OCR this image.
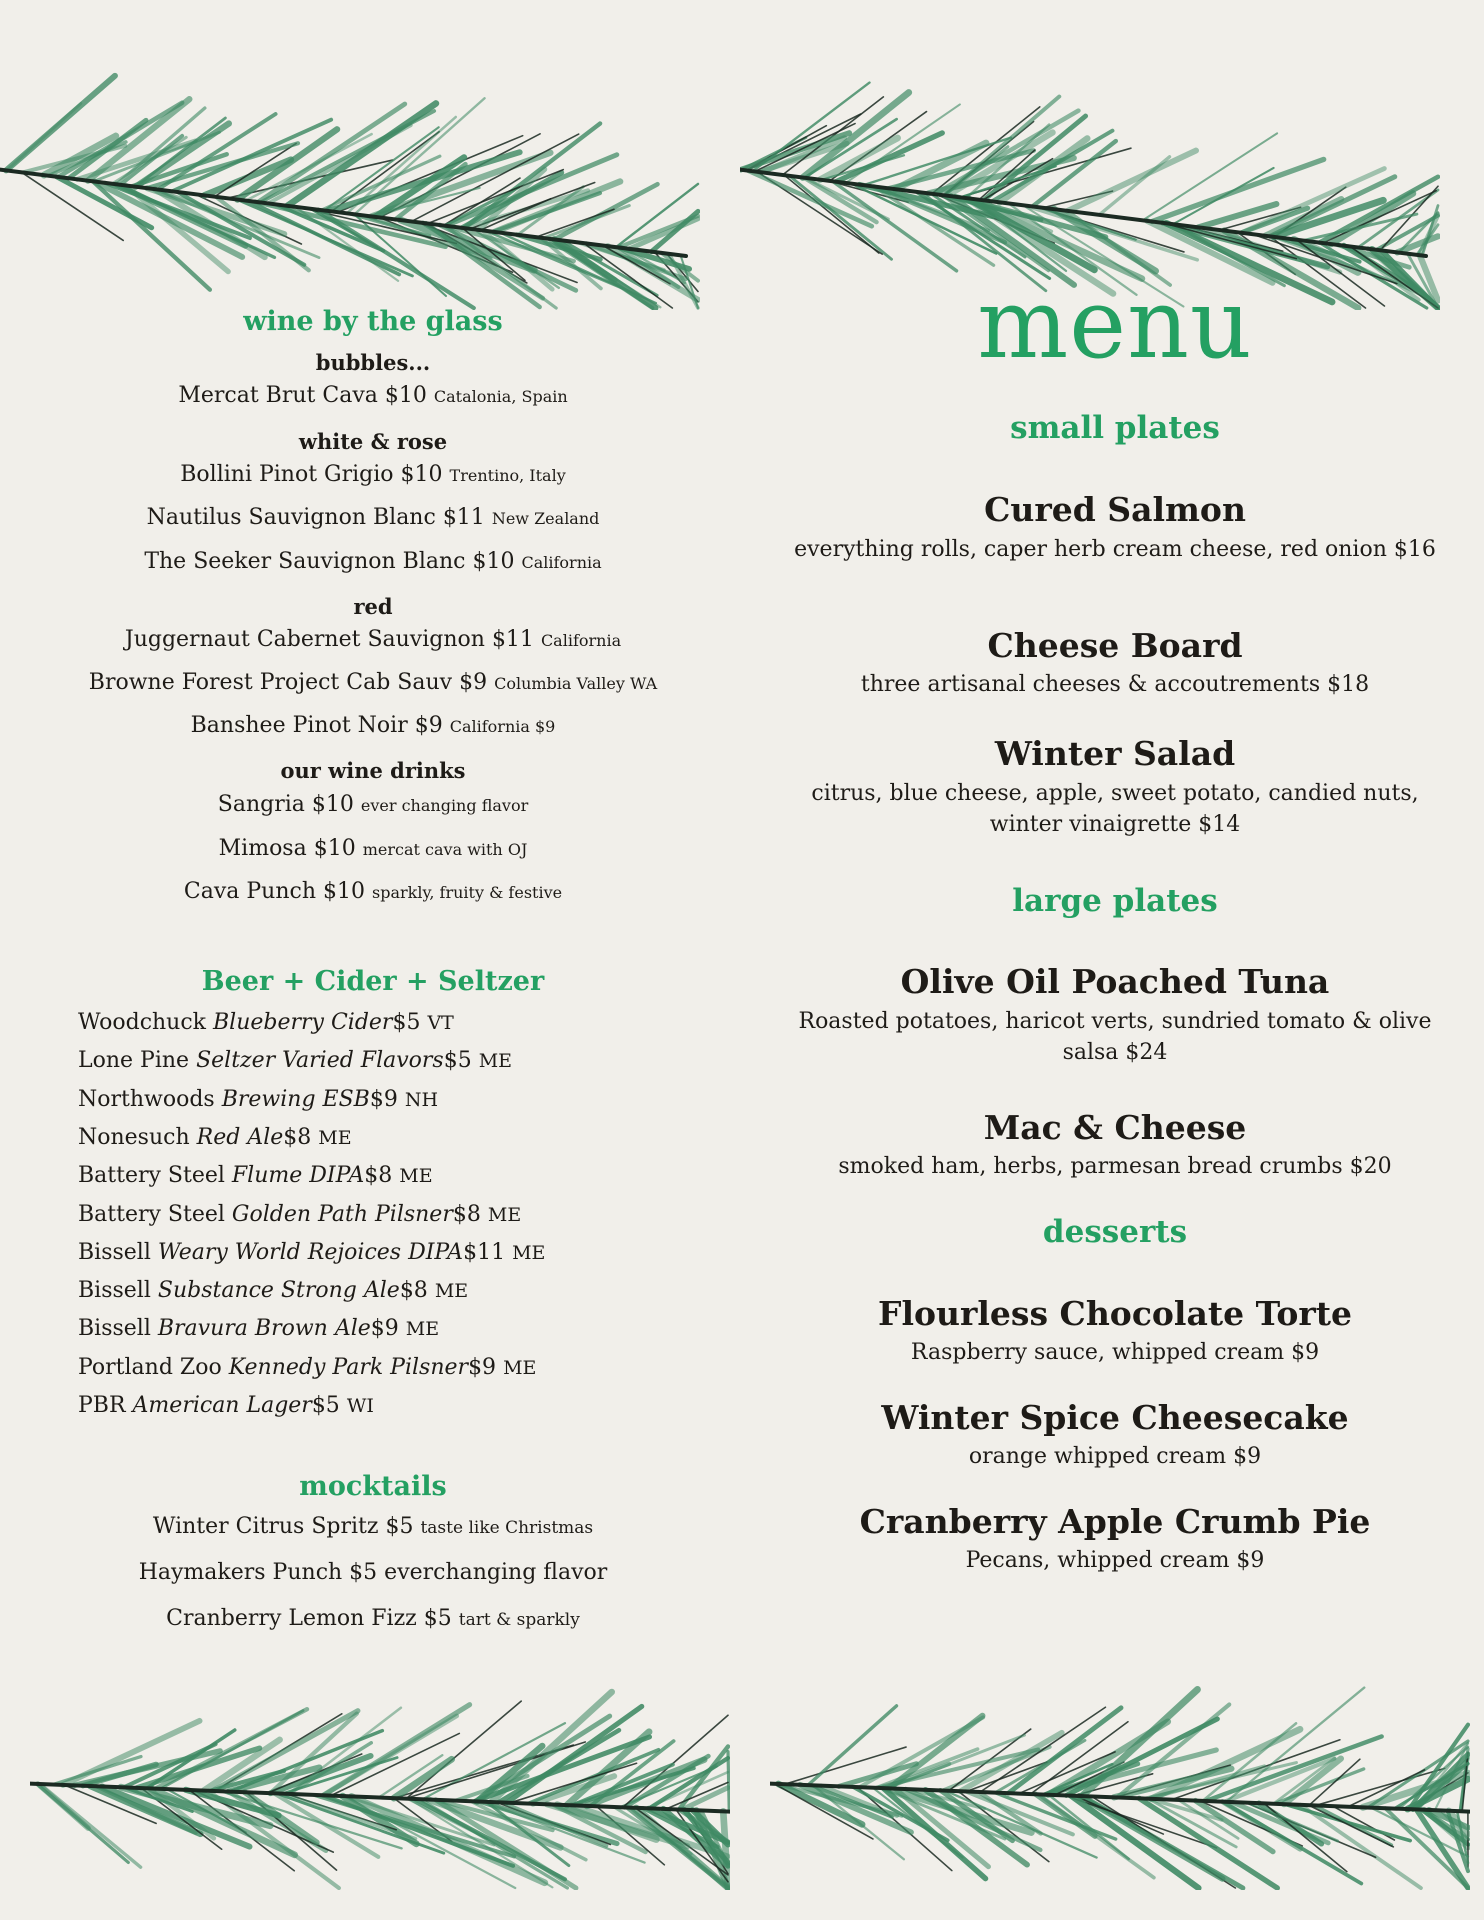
wine by the glass
bubbles...
Mercat Brut Cava $10 Catalonia, Spain
white & rose
Bollini Pinot Grigio $10 Trentino, Italy
Nautilus Sauvignon Blanc $11 New Zealand
The Seeker Sauvignon Blanc $10 California
red
Juggernaut Cabernet Sauvignon $11 California
Browne Forest Project Cab Sauv $9 Columbia Valley WA
Banshee Pinot Noir $9 California $9
our wine drinks
Sangria $10 ever changing flavor
Mimosa $10 mercat cava with OJ
Cava Punch $10 sparkly, fruity & festive
Beer + Cider + Seltzer
Woodchuck Blueberry Cider$5 VT
Lone Pine Seltzer Varied Flavors$5 ME
Northwoods Brewing ESB$9 NH
Nonesuch Red Ale$8 ME
Battery Steel Flume DIPA$8 ME
Battery Steel Golden Path Pilsner$8 ME
Bissell Weary World Rejoices DIPA$11 ME
Bissell Substance Strong Ale$8 ME
Bissell Bravura Brown Ale$9 ME
Portland Zoo Kennedy Park Pilsner$9 ME
PBR American Lager$5 WI
mocktails
Winter Citrus Spritz $5 taste like Christmas
Haymakers Punch $5 everchanging flavor
Cranberry Lemon Fizz $5 tart & sparkly
menu
small plates
Cured Salmon
everything rolls, caper herb cream cheese, red onion $16
Cheese Board
three artisanal cheeses & accoutrements $18
Winter Salad
citrus, blue cheese, apple, sweet potato, candied nuts, winter vinaigrette $14
large plates
Olive Oil Poached Tuna
Roasted potatoes, haricot verts, sundried tomato & olive salsa $24
Mac & Cheese
smoked ham, herbs, parmesan bread crumbs $20
desserts
Flourless Chocolate Torte
Raspberry sauce, whipped cream $9
Winter Spice Cheesecake
orange whipped cream $9
Cranberry Apple Crumb Pie
Pecans, whipped cream $9
